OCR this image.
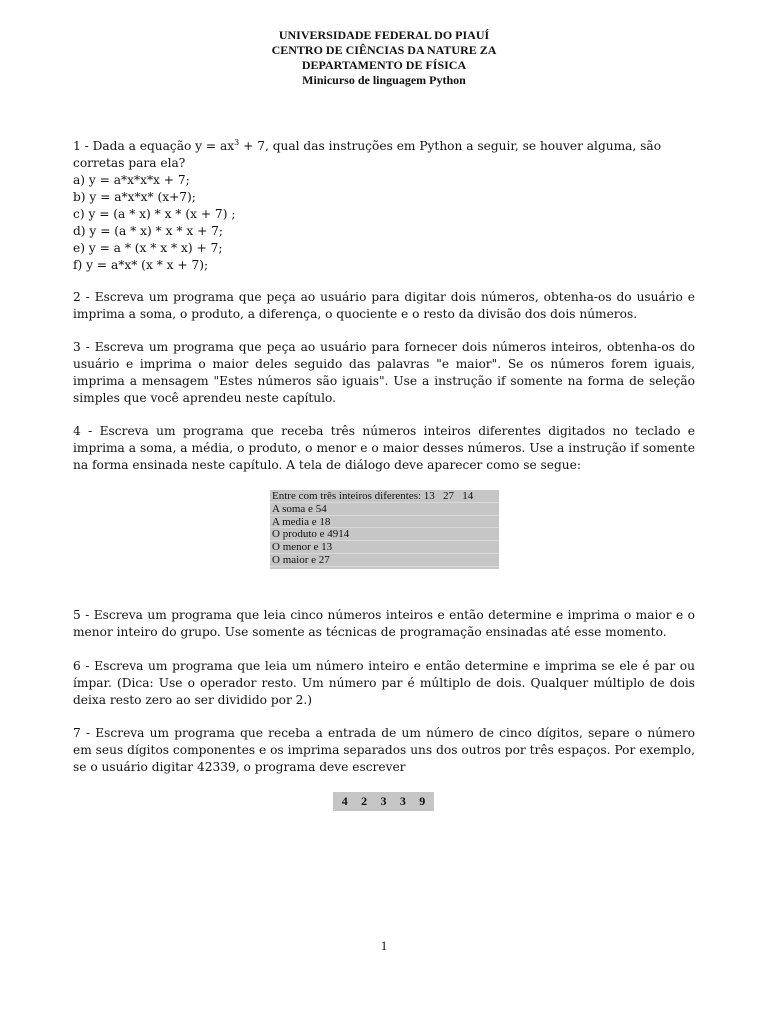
UNIVERSIDADE FEDERAL DO PIAUÍ
CENTRO DE CIÊNCIAS DA NATURE ZA
DEPARTAMENTO DE FÍSICA
Minicurso de linguagem Python

1 - Dada a equação $y = ax^3 + 7$, qual das instruções em Python a seguir, se houver alguma, são corretas para ela?

a) y = a*x*x*x + 7;

b) y = a*x*x* (x+7);

c) y = (a * x) * x * (x + 7) ;

d) y = (a * x) * x * x + 7;

e) y = a * (x * x * x) + 7;

f) y = a*x* (x * x + 7);

2 - Escreva um programa que peça ao usuário para digitar dois números, obtenha-os do usuário e imprima a soma, o produto, a diferença, o quociente e o resto da divisão dos dois números.

3 - Escreva um programa que peça ao usuário para fornecer dois números inteiros, obtenha-os do usuário e imprima o maior deles seguido das palavras "e maior". Se os números forem iguais, imprima a mensagem "Estes números são iguais". Use a instrução if somente na forma de seleção simples que você aprendeu neste capítulo.

4 - Escreva um programa que receba três números inteiros diferentes digitados no teclado e imprima a soma, a média, o produto, o menor e o maior desses números. Use a instrução if somente na forma ensinada neste capítulo. A tela de diálogo deve aparecer como se segue:

Entre com três inteiros diferentes: 13   27   14
A soma e 54
A media e 18
O produto e 4914
O menor e 13
O maior e 27

5 - Escreva um programa que leia cinco números inteiros e então determine e imprima o maior e o menor inteiro do grupo. Use somente as técnicas de programação ensinadas até esse momento.

6 - Escreva um programa que leia um número inteiro e então determine e imprima se ele é par ou ímpar. (Dica: Use o operador resto. Um número par é múltiplo de dois. Qualquer múltiplo de dois deixa resto zero ao ser dividido por 2.)

7 - Escreva um programa que receba a entrada de um número de cinco dígitos, separe o número em seus dígitos componentes e os imprima separados uns dos outros por três espaços. Por exemplo, se o usuário digitar 42339, o programa deve escrever

4 2 3 3 9
1
